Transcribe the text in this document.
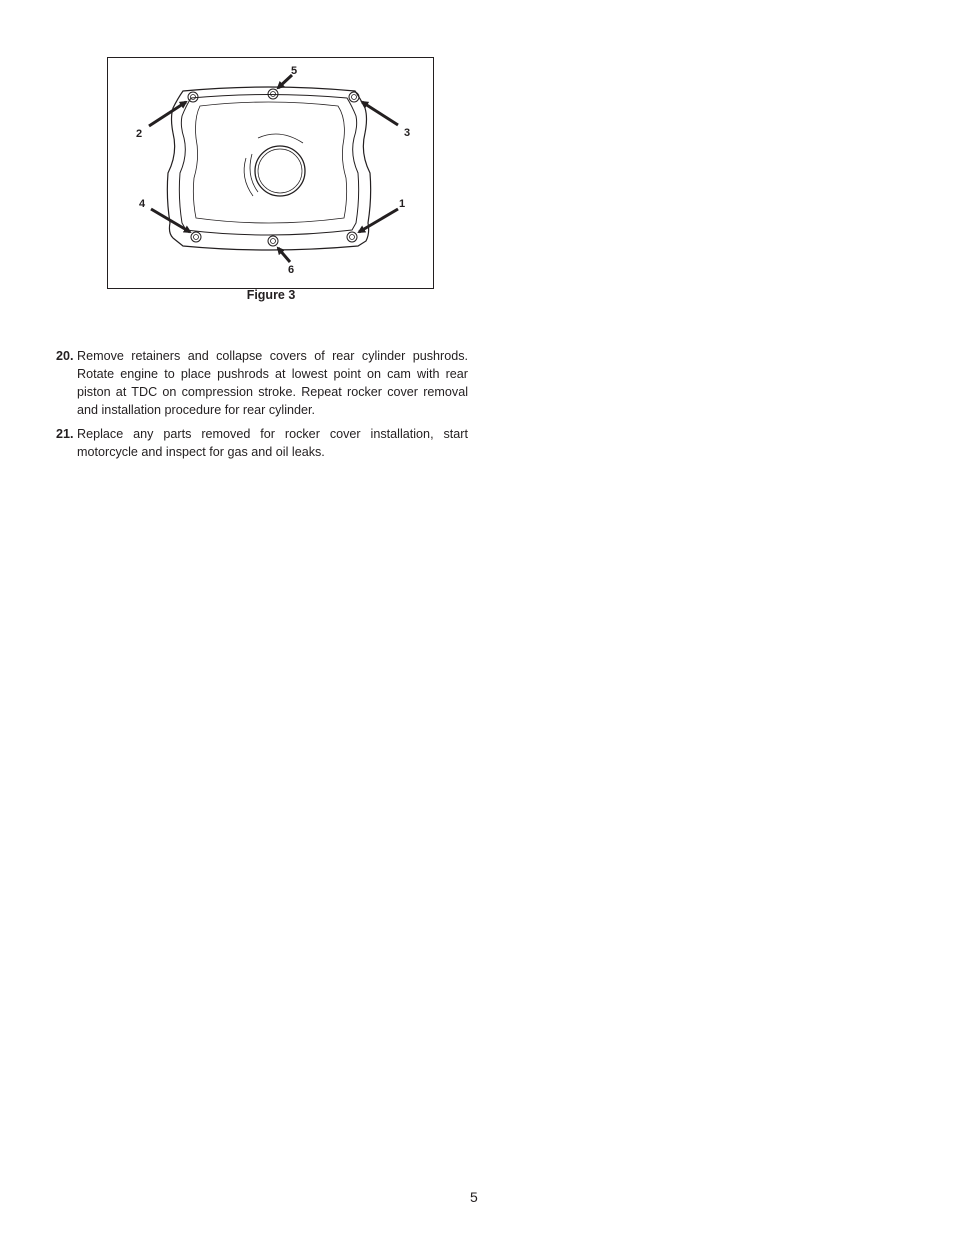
1
2	3
4
5
6
Figure 3
20. Remove retainers and collapse covers of rear cylinder pushrods. Rotate engine to place pushrods at lowest point on cam with rear piston at TDC on compression stroke. Repeat rocker cover removal and installation procedure for rear cylinder.
21. Replace any parts removed for rocker cover installation, start motorcycle and inspect for gas and oil leaks.
5
